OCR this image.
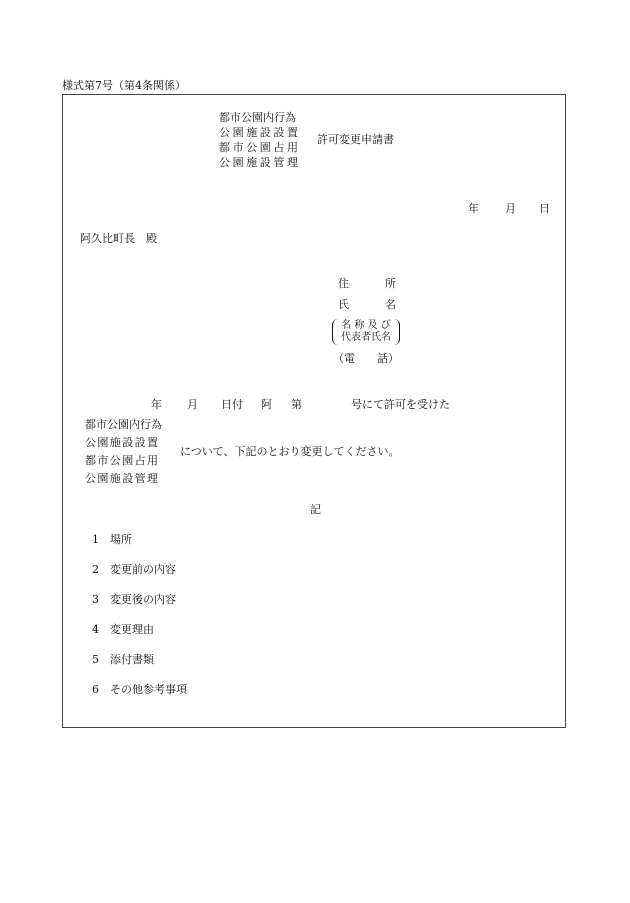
様式第7号（第4条関係）
都市公園内行為
公園施設設置
都市公園占用
公園施設管理
許可変更申請書
年 月 日
阿久比町長　殿
住	所
氏	名
名 称 及 び
代表者氏名
（電　　話）
年 月 日付 阿 第	号にて許可を受けた
都市公園内行為
公園施設設置
都市公園占用
公園施設管理
について、下記のとおり変更してください。
記
1 場所
2 変更前の内容
3 変更後の内容
4 変更理由
5 添付書類
6 その他参考事項
